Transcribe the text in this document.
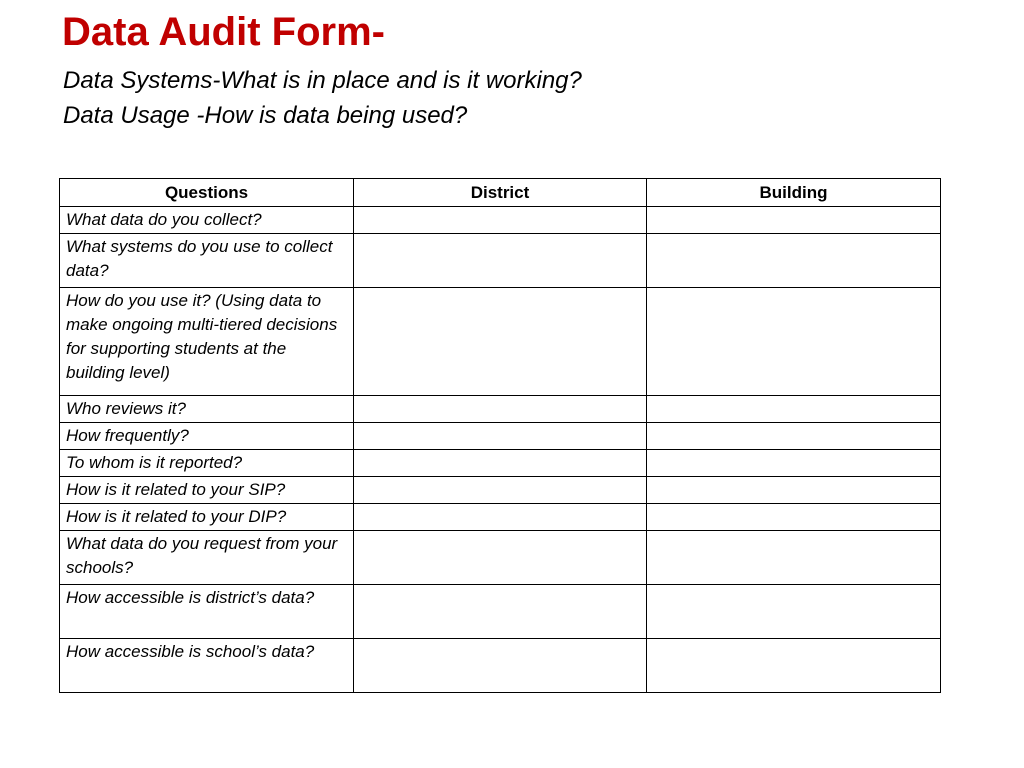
Data Audit Form-

Data Systems-What is in place and is it working?

Data Usage -How is data being used?

Questions	District	Building
What data do you collect?		
What systems do you use to collect data?		
How do you use it? (Using data to make ongoing multi-tiered decisions for supporting students at the building level)		
Who reviews it?		
How frequently?		
To whom is it reported?		
How is it related to your SIP?		
How is it related to your DIP?		
What data do you request from your schools?		
How accessible is district’s data?		
How accessible is school’s data?		
